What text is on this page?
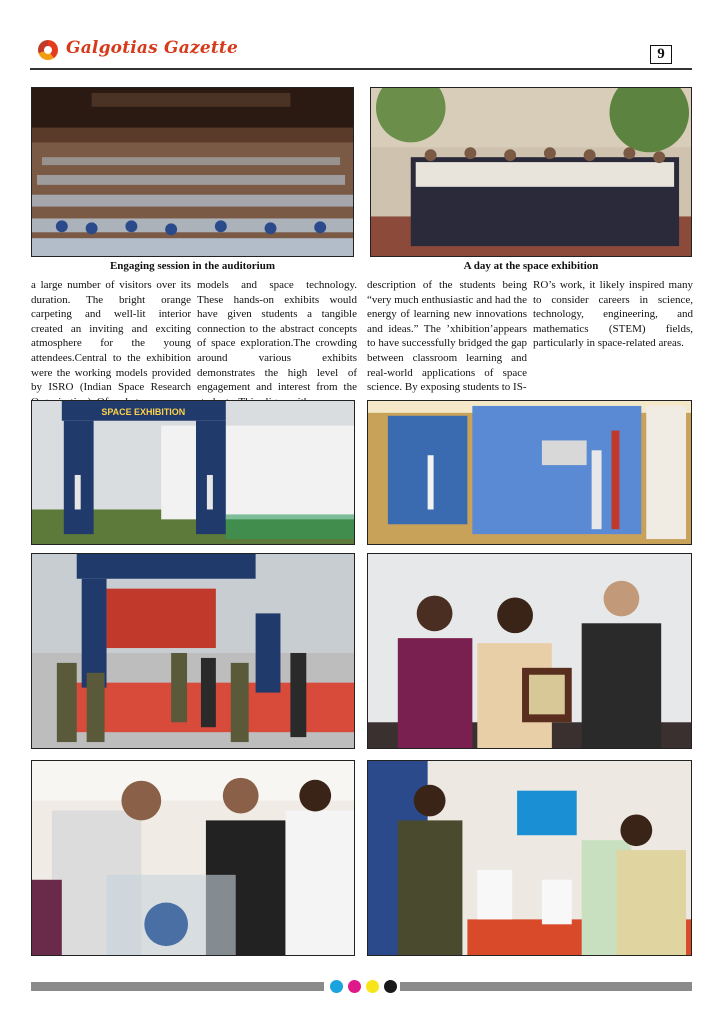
Galgotias Gazette	9
Engaging session in the auditorium	A day at the space exhibition
a large number of visitors over its duration. The bright orange carpeting and well-lit interior created an inviting and exciting atmosphere for the young attendees.Central to the exhibition were the working models provided by ISRO (Indian Space Research
models and space technology. These hands-on exhibits would have given students a tangible connection to the abstract concepts of space exploration.The crowding around various exhibits demonstrates the high level of engagement and interest from the
description of the students being “very much enthusiastic and had the energy of learning new innovations and ideas.” The ’xhibition’appears to have successfully bridged the gap between classroom learning and real-world applications of space science. By exposing students to IS-
RO’s work, it likely inspired many to consider careers in science, technology, engineering, and mathematics (STEM) fields, particularly in space-related areas.
SPACE EXHIBITION
